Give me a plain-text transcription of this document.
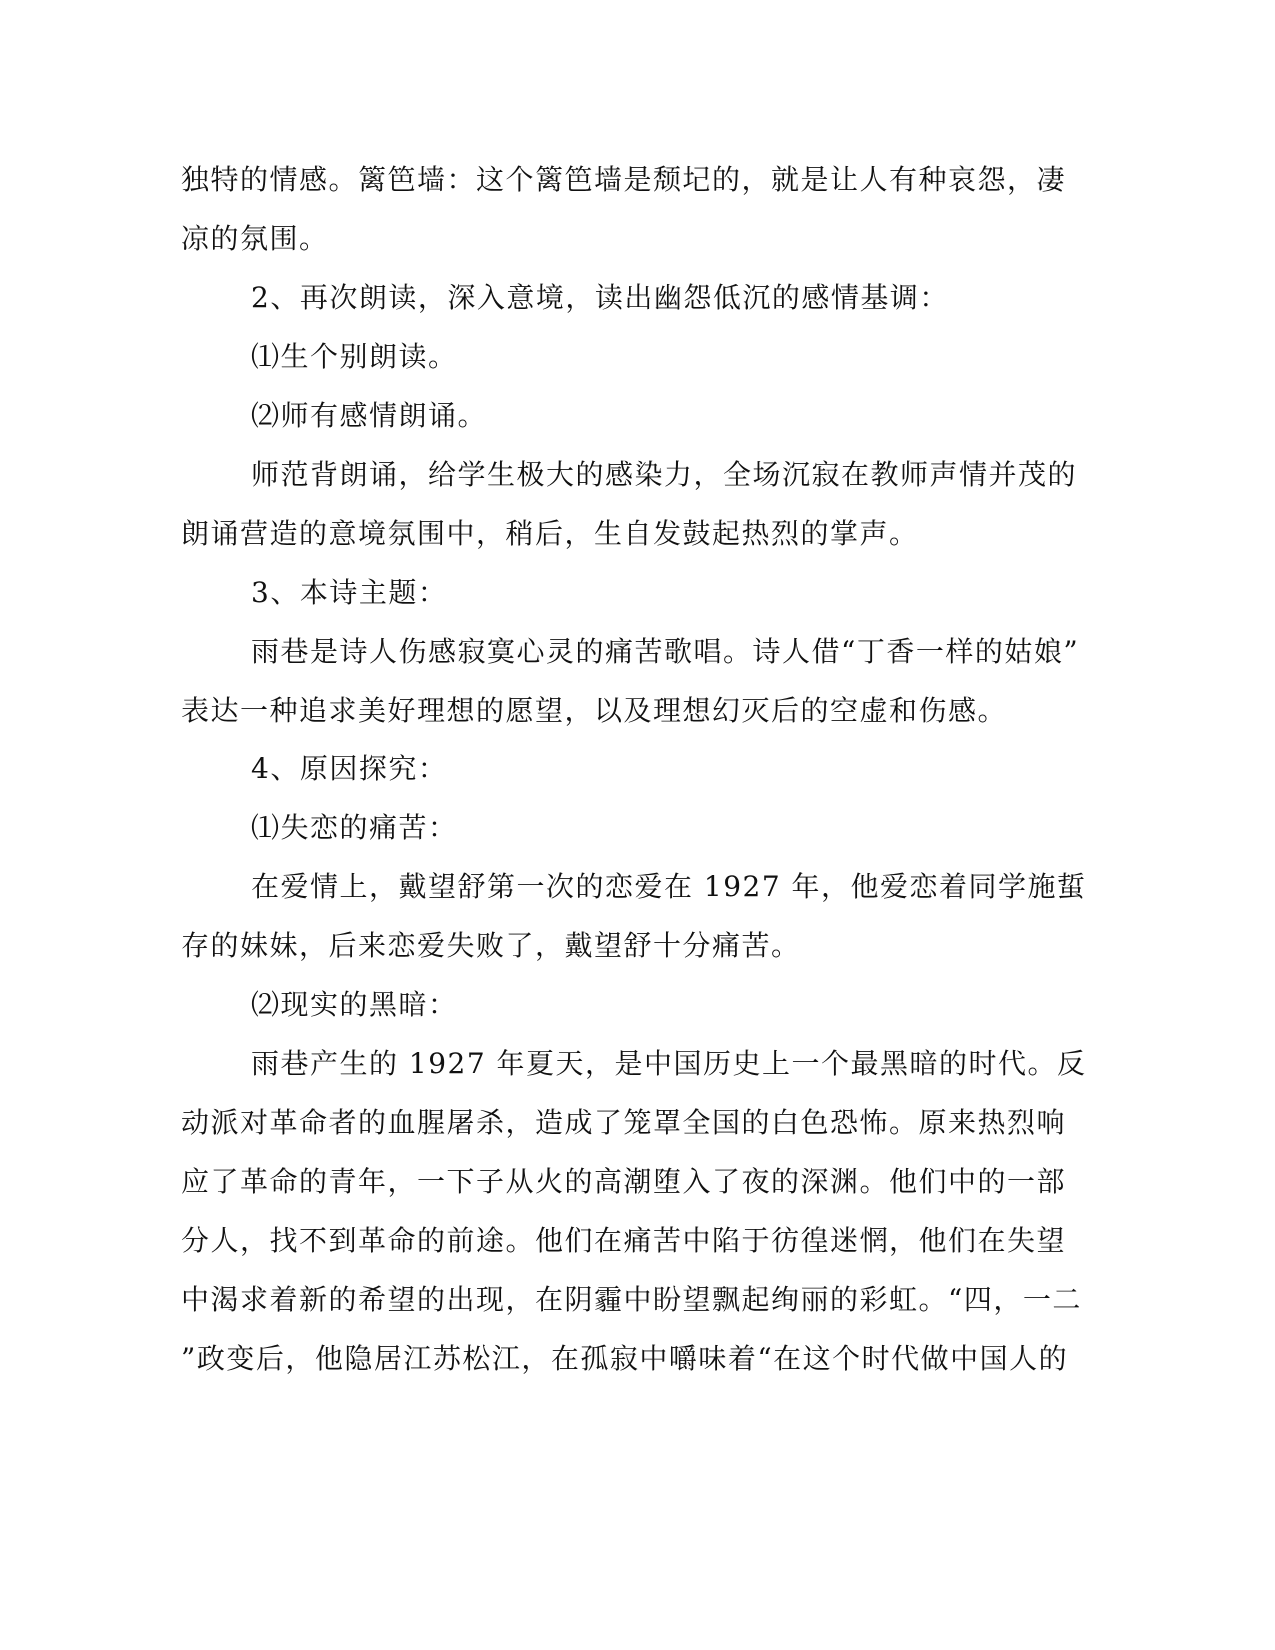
独特的情感。篱笆墙：这个篱笆墙是颓圮的，就是让人有种哀怨，凄
凉的氛围。
2、再次朗读，深入意境，读出幽怨低沉的感情基调：
⑴生个别朗读。
⑵师有感情朗诵。
师范背朗诵，给学生极大的感染力，全场沉寂在教师声情并茂的
朗诵营造的意境氛围中，稍后，生自发鼓起热烈的掌声。
3、本诗主题：
雨巷是诗人伤感寂寞心灵的痛苦歌唱。诗人借“丁香一样的姑娘”
表达一种追求美好理想的愿望，以及理想幻灭后的空虚和伤感。
4、原因探究：
⑴失恋的痛苦：
在爱情上，戴望舒第一次的恋爱在 1927 年，他爱恋着同学施蜇
存的妹妹，后来恋爱失败了，戴望舒十分痛苦。
⑵现实的黑暗：
雨巷产生的 1927 年夏天，是中国历史上一个最黑暗的时代。反
动派对革命者的血腥屠杀，造成了笼罩全国的白色恐怖。原来热烈响
应了革命的青年，一下子从火的高潮堕入了夜的深渊。他们中的一部
分人，找不到革命的前途。他们在痛苦中陷于彷徨迷惘，他们在失望
中渴求着新的希望的出现，在阴霾中盼望飘起绚丽的彩虹。“四，一二
”政变后，他隐居江苏松江，在孤寂中嚼味着“在这个时代做中国人的
